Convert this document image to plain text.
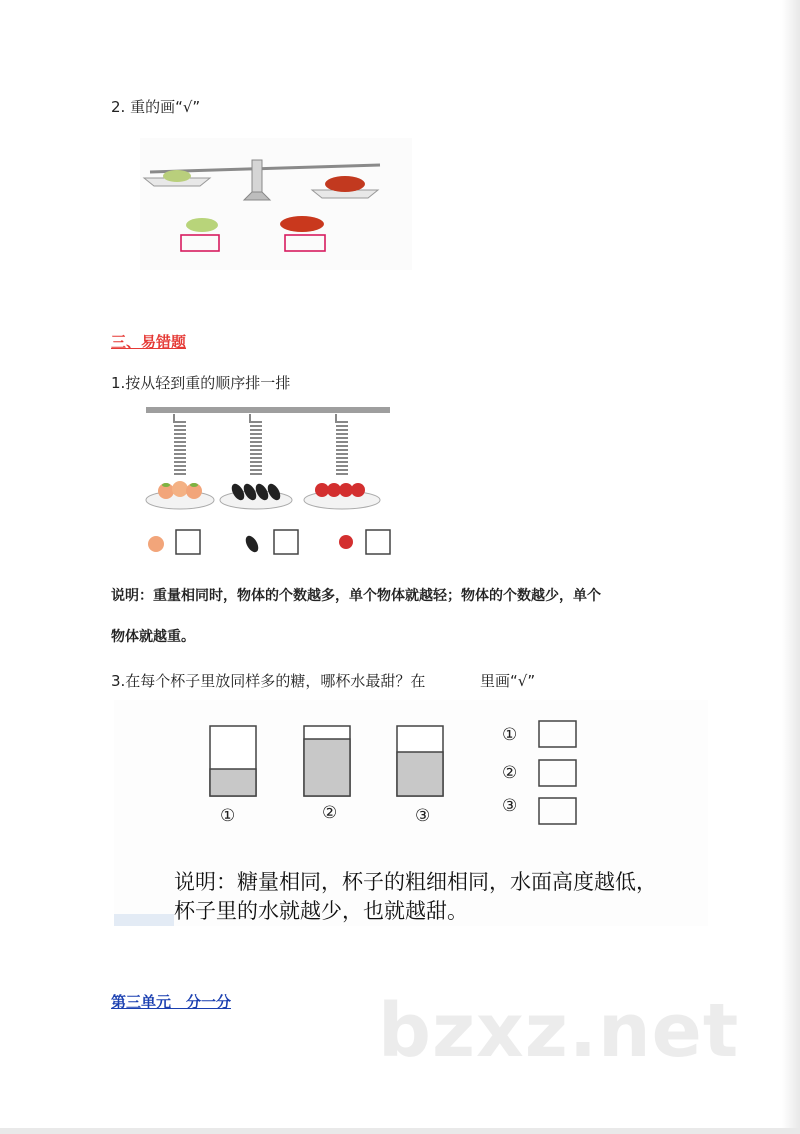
2. 重的画“√”
三、易错题
1.按从轻到重的顺序排一排
说明：重量相同时，物体的个数越多，单个物体就越轻；物体的个数越少，单个
物体就越重。
3.在每个杯子里放同样多的糖，哪杯水最甜？在	里画“√”
①	②	③
①
②
③
说明：糖量相同，杯子的粗细相同，水面高度越低，
杯子里的水就越少，也就越甜。
第三单元　分一分 bzxz.net
